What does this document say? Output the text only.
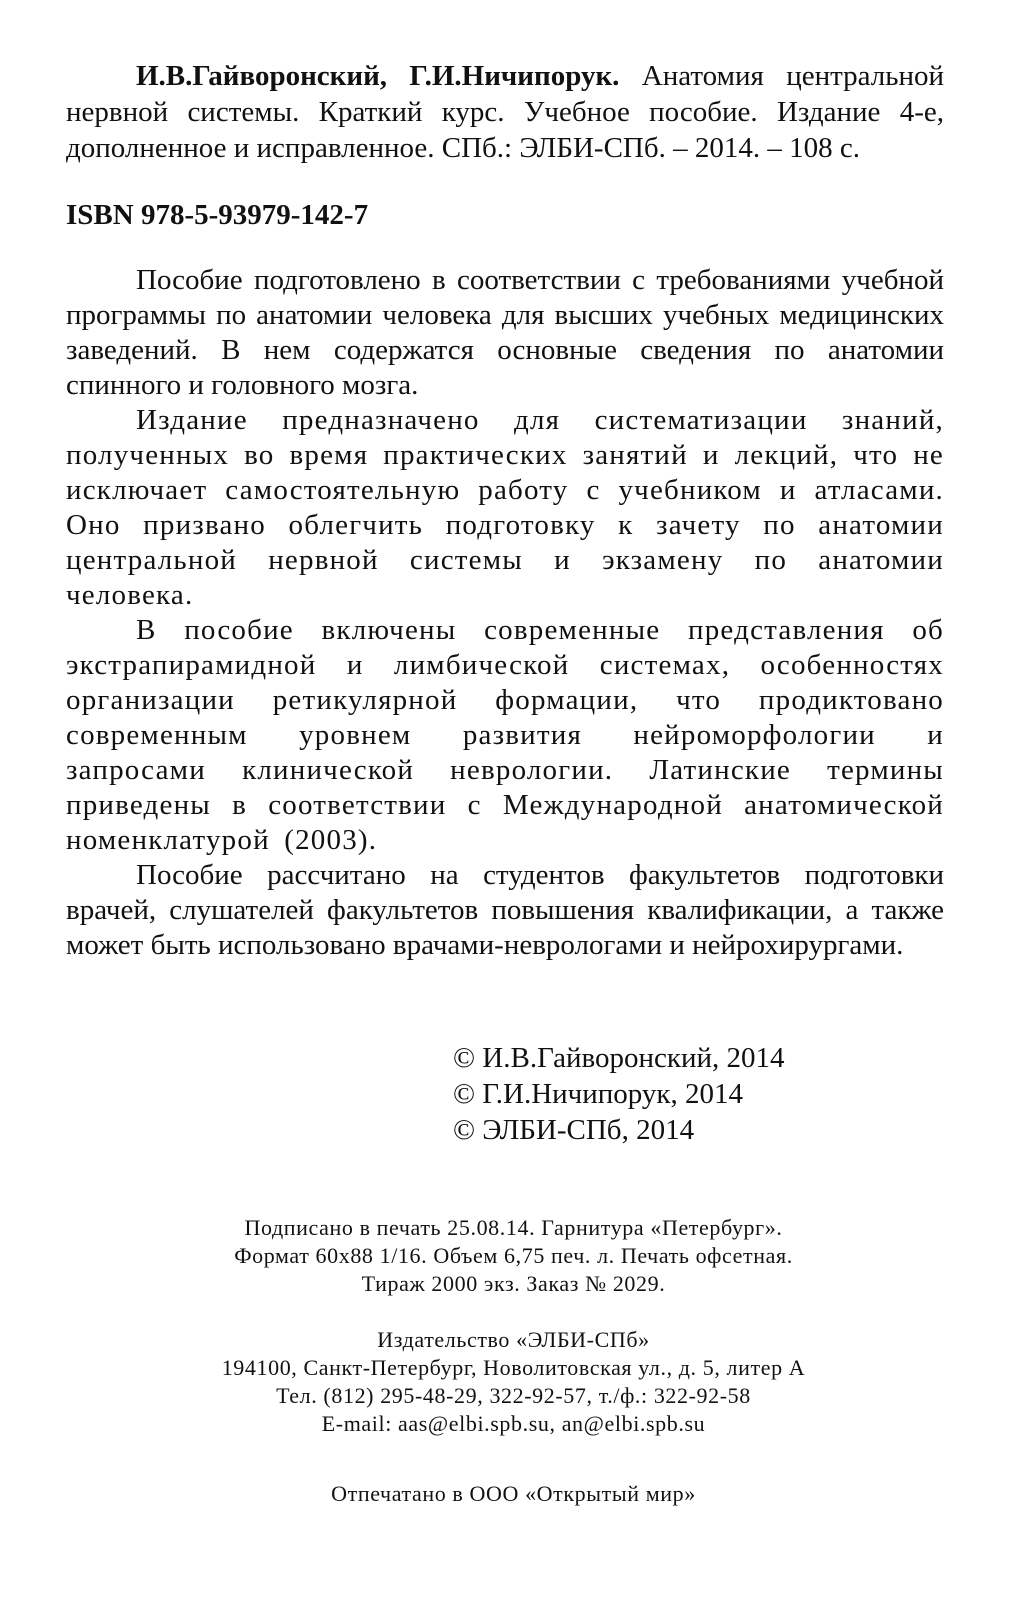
И.В.Гайворонский, Г.И.Ничипорук. Анатомия центральной нервной системы. Краткий курс. Учебное пособие. Издание 4-е, дополненное и исправленное. СПб.: ЭЛБИ-СПб. – 2014. – 108 с.

ISBN 978-5-93979-142-7

Пособие подготовлено в соответствии с требованиями учебной программы по анатомии человека для высших учебных медицинских заведений. В нем содержатся основные сведения по анатомии спинного и головного мозга.

Издание предназначено для систематизации знаний, полученных во время практических занятий и лекций, что не исключает самостоятельную работу с учебником и атласами. Оно призвано облегчить подготовку к зачету по анатомии центральной нервной системы и экзамену по анатомии человека.

В пособие включены современные представления об экстрапирамидной и лимбической системах, особенностях организации ретикулярной формации, что продиктовано современным уровнем развития нейроморфологии и запросами клинической неврологии. Латинские термины приведены в соответствии с Международной анатомической номенклатурой (2003).

Пособие рассчитано на студентов факультетов подготовки врачей, слушателей факультетов повышения квалификации, а также может быть использовано врачами-неврологами и нейрохирургами.

© И.В.Гайворонский, 2014
© Г.И.Ничипорук, 2014
© ЭЛБИ-СПб, 2014
Подписано в печать 25.08.14. Гарнитура «Петербург».
Формат 60x88 1/16. Объем 6,75 печ. л. Печать офсетная.
Тираж 2000 экз. Заказ № 2029.
Издательство «ЭЛБИ-СПб»
194100, Санкт-Петербург, Новолитовская ул., д. 5, литер А
Тел. (812) 295-48-29, 322-92-57, т./ф.: 322-92-58
E-mail: aas@elbi.spb.su, an@elbi.spb.su
Отпечатано в ООО «Открытый мир»
